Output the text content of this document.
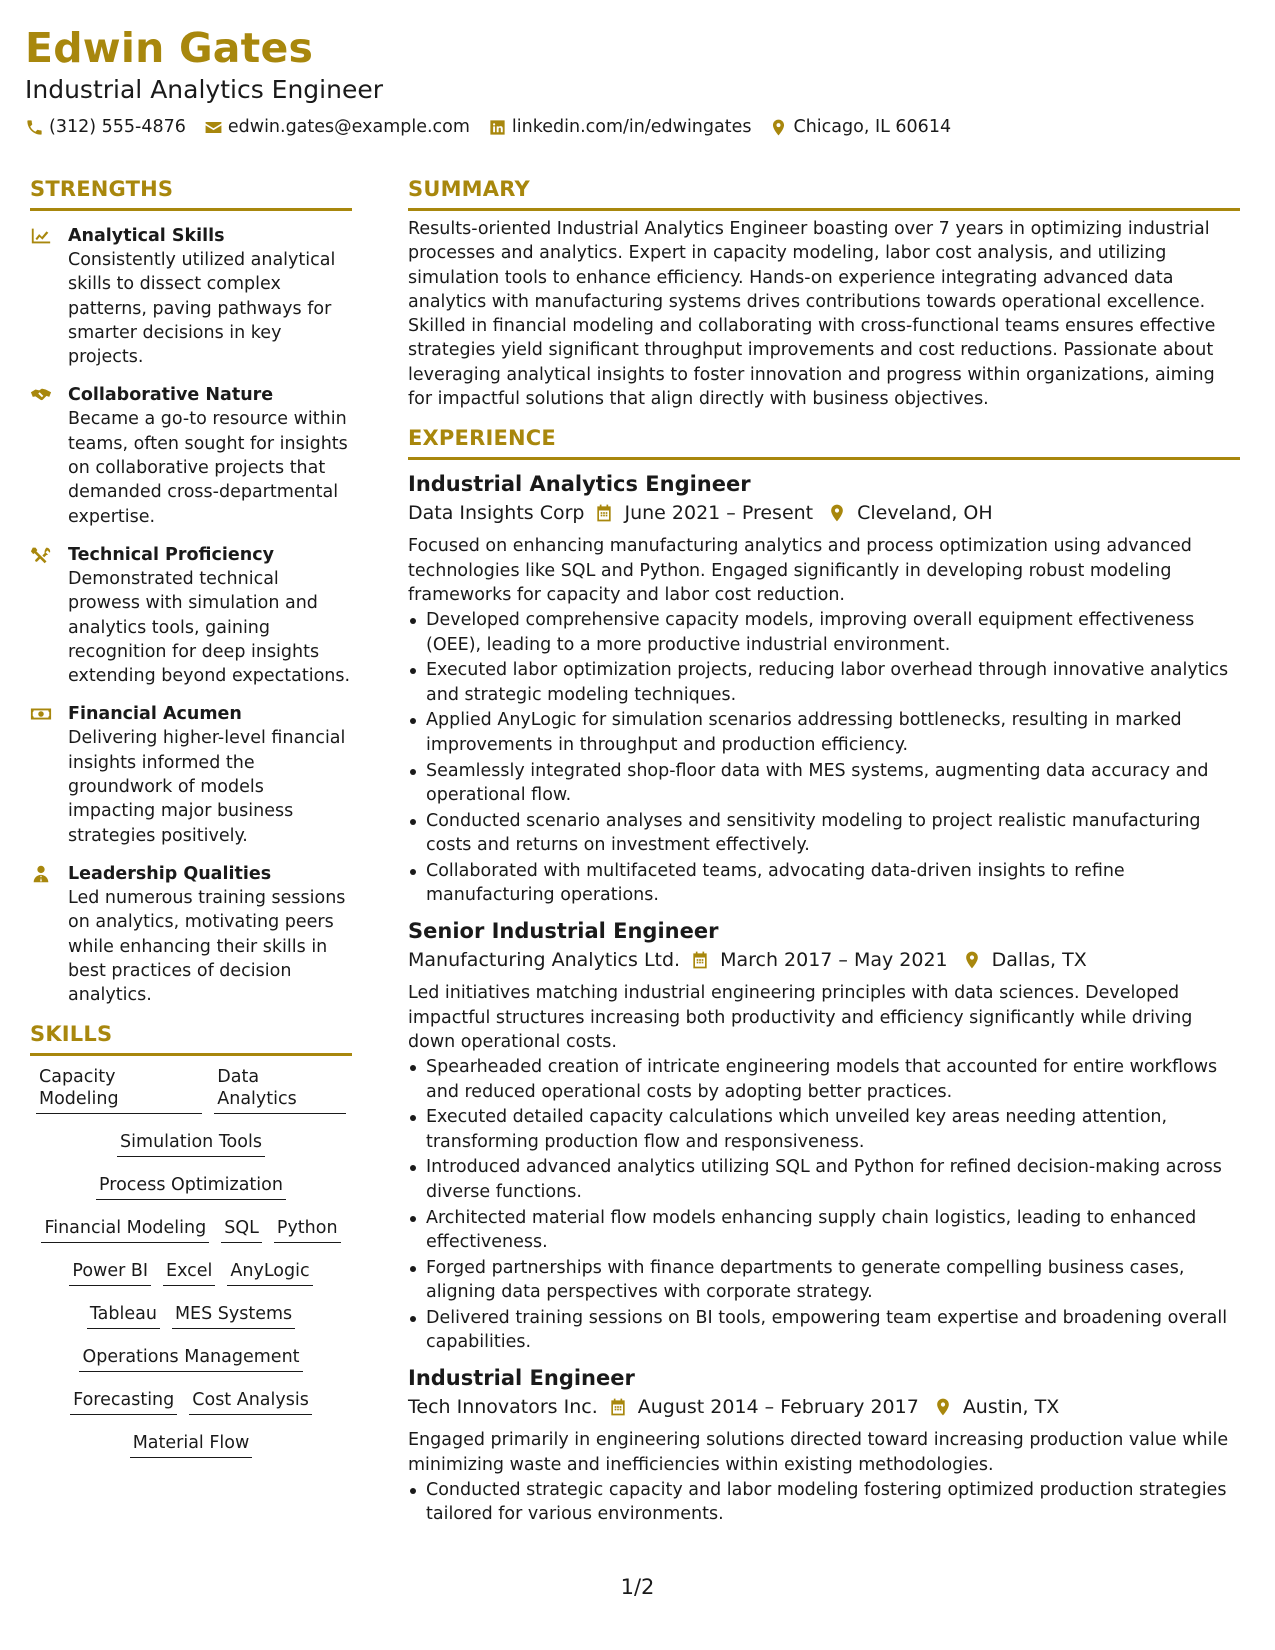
Edwin Gates
Industrial Analytics Engineer
(312) 555-4876 edwin.gates@example.com linkedin.com/in/edwingates Chicago, IL 60614
STRENGTHS
Analytical Skills
Consistently utilized analytical skills to dissect complex patterns, paving pathways for smarter decisions in key projects.
Collaborative Nature
Became a go-to resource within teams, often sought for insights on collaborative projects that demanded cross-departmental expertise.
Technical Proficiency
Demonstrated technical prowess with simulation and analytics tools, gaining recognition for deep insights extending beyond expectations.
Financial Acumen
Delivering higher-level financial insights informed the groundwork of models impacting major business strategies positively.
Leadership Qualities
Led numerous training sessions on analytics, motivating peers while enhancing their skills in best practices of decision analytics.
SKILLS
Capacity Modeling
Data Analytics
Simulation Tools
Process Optimization
Financial Modeling SQL Python
Power BI Excel AnyLogic
Tableau MES Systems
Operations Management
Forecasting Cost Analysis
Material Flow
SUMMARY
Results-oriented Industrial Analytics Engineer boasting over 7 years in optimizing industrial processes and analytics. Expert in capacity modeling, labor cost analysis, and utilizing simulation tools to enhance efficiency. Hands-on experience integrating advanced data analytics with manufacturing systems drives contributions towards operational excellence. Skilled in financial modeling and collaborating with cross-functional teams ensures effective strategies yield significant throughput improvements and cost reductions. Passionate about leveraging analytical insights to foster innovation and progress within organizations, aiming for impactful solutions that align directly with business objectives.
EXPERIENCE
Industrial Analytics Engineer
Data Insights Corp June 2021 – Present Cleveland, OH
Focused on enhancing manufacturing analytics and process optimization using advanced technologies like SQL and Python. Engaged significantly in developing robust modeling frameworks for capacity and labor cost reduction.
Developed comprehensive capacity models, improving overall equipment effectiveness (OEE), leading to a more productive industrial environment.
Executed labor optimization projects, reducing labor overhead through innovative analytics and strategic modeling techniques.
Applied AnyLogic for simulation scenarios addressing bottlenecks, resulting in marked improvements in throughput and production efficiency.
Seamlessly integrated shop-floor data with MES systems, augmenting data accuracy and operational flow.
Conducted scenario analyses and sensitivity modeling to project realistic manufacturing costs and returns on investment effectively.
Collaborated with multifaceted teams, advocating data-driven insights to refine manufacturing operations.
Senior Industrial Engineer
Manufacturing Analytics Ltd. March 2017 – May 2021 Dallas, TX
Led initiatives matching industrial engineering principles with data sciences. Developed impactful structures increasing both productivity and efficiency significantly while driving down operational costs.
Spearheaded creation of intricate engineering models that accounted for entire workflows and reduced operational costs by adopting better practices.
Executed detailed capacity calculations which unveiled key areas needing attention, transforming production flow and responsiveness.
Introduced advanced analytics utilizing SQL and Python for refined decision-making across diverse functions.
Architected material flow models enhancing supply chain logistics, leading to enhanced effectiveness.
Forged partnerships with finance departments to generate compelling business cases, aligning data perspectives with corporate strategy.
Delivered training sessions on BI tools, empowering team expertise and broadening overall capabilities.
Industrial Engineer
Tech Innovators Inc. August 2014 – February 2017 Austin, TX
Engaged primarily in engineering solutions directed toward increasing production value while minimizing waste and inefficiencies within existing methodologies.
Conducted strategic capacity and labor modeling fostering optimized production strategies tailored for various environments.
1/2
